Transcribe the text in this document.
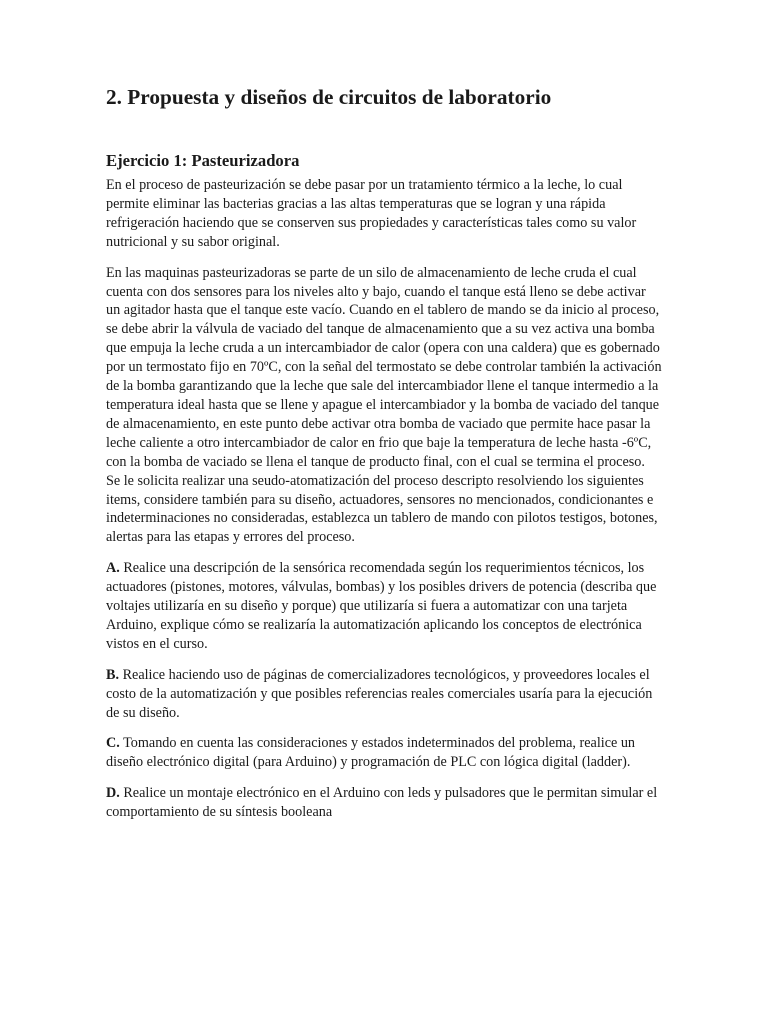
2. Propuesta y diseños de circuitos de laboratorio
Ejercicio 1: Pasteurizadora

En el proceso de pasteurización se debe pasar por un tratamiento térmico a la leche, lo cual permite eliminar las bacterias gracias a las altas temperaturas que se logran y una rápida refrigeración haciendo que se conserven sus propiedades y características tales como su valor nutricional y su sabor original.

En las maquinas pasteurizadoras se parte de un silo de almacenamiento de leche cruda el cual cuenta con dos sensores para los niveles alto y bajo, cuando el tanque está lleno se debe activar un agitador hasta que el tanque este vacío. Cuando en el tablero de mando se da inicio al proceso, se debe abrir la válvula de vaciado del tanque de almacenamiento que a su vez activa una bomba que empuja la leche cruda a un intercambiador de calor (opera con una caldera) que es gobernado por un termostato fijo en 70ºC, con la señal del termostato se debe controlar también la activación de la bomba garantizando que la leche que sale del intercambiador llene el tanque intermedio a la temperatura ideal hasta que se llene y apague el intercambiador y la bomba de vaciado del tanque de almacenamiento, en este punto debe activar otra bomba de vaciado que permite hace pasar la leche caliente a otro intercambiador de calor en frio que baje la temperatura de leche hasta -6ºC, con la bomba de vaciado se llena el tanque de producto final, con el cual se termina el proceso. Se le solicita realizar una seudo-atomatización del proceso descripto resolviendo los siguientes items, considere también para su diseño, actuadores, sensores no mencionados, condicionantes e indeterminaciones no consideradas, establezca un tablero de mando con pilotos testigos, botones, alertas para las etapas y errores del proceso.

A. Realice una descripción de la sensórica recomendada según los requerimientos técnicos, los actuadores (pistones, motores, válvulas, bombas) y los posibles drivers de potencia (describa que voltajes utilizaría en su diseño y porque) que utilizaría si fuera a automatizar con una tarjeta Arduino, explique cómo se realizaría la automatización aplicando los conceptos de electrónica vistos en el curso.

B. Realice haciendo uso de páginas de comercializadores tecnológicos, y proveedores locales el costo de la automatización y que posibles referencias reales comerciales usaría para la ejecución de su diseño.

C. Tomando en cuenta las consideraciones y estados indeterminados del problema, realice un diseño electrónico digital (para Arduino) y programación de PLC con lógica digital (ladder).

D. Realice un montaje electrónico en el Arduino con leds y pulsadores que le permitan simular el comportamiento de su síntesis booleana
